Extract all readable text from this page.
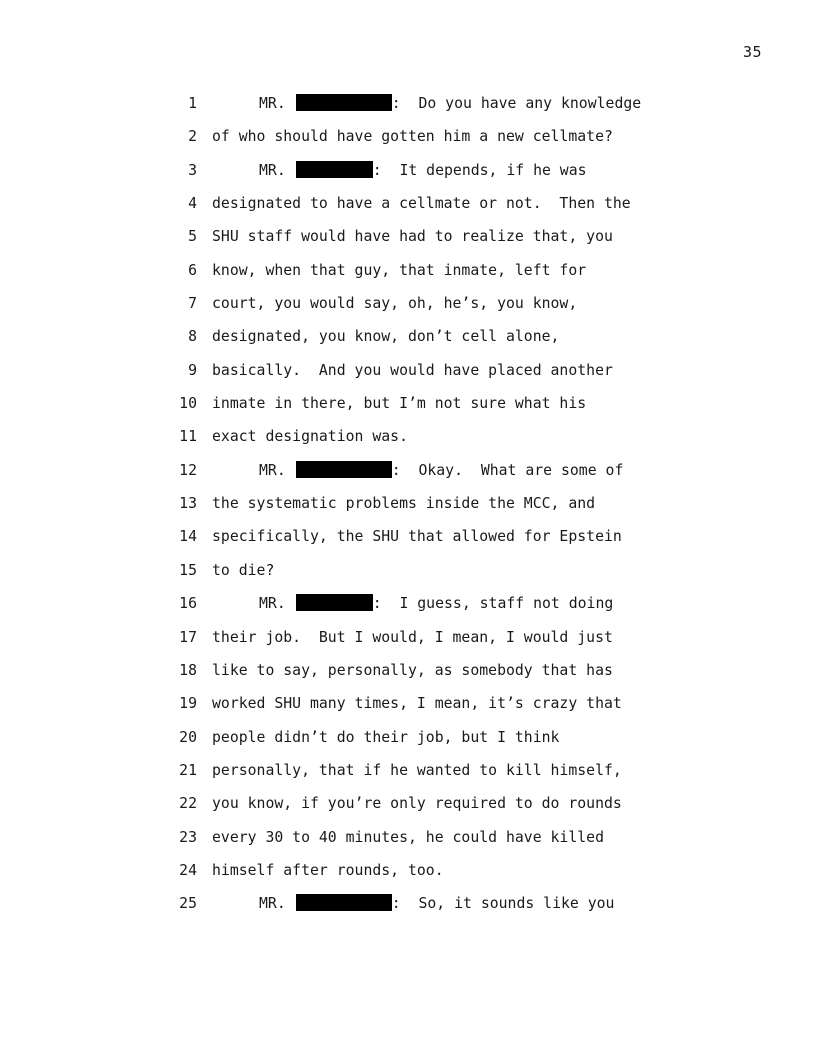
35
1	MR.	:  Do you have any knowledge
2 of who should have gotten him a new cellmate?
3	MR.	:  It depends, if he was
4 designated to have a cellmate or not.  Then the
5 SHU staff would have had to realize that, you
6 know, when that guy, that inmate, left for
7 court, you would say, oh, he’s, you know,
8 designated, you know, don’t cell alone,
9 basically.  And you would have placed another
10 inmate in there, but I’m not sure what his
11 exact designation was.
12	MR.	:  Okay.  What are some of
13 the systematic problems inside the MCC, and
14 specifically, the SHU that allowed for Epstein
15 to die?
16	MR.	:  I guess, staff not doing
17 their job.  But I would, I mean, I would just
18 like to say, personally, as somebody that has
19 worked SHU many times, I mean, it’s crazy that
20 people didn’t do their job, but I think
21 personally, that if he wanted to kill himself,
22 you know, if you’re only required to do rounds
23 every 30 to 40 minutes, he could have killed
24 himself after rounds, too.
25	MR.	:  So, it sounds like you
